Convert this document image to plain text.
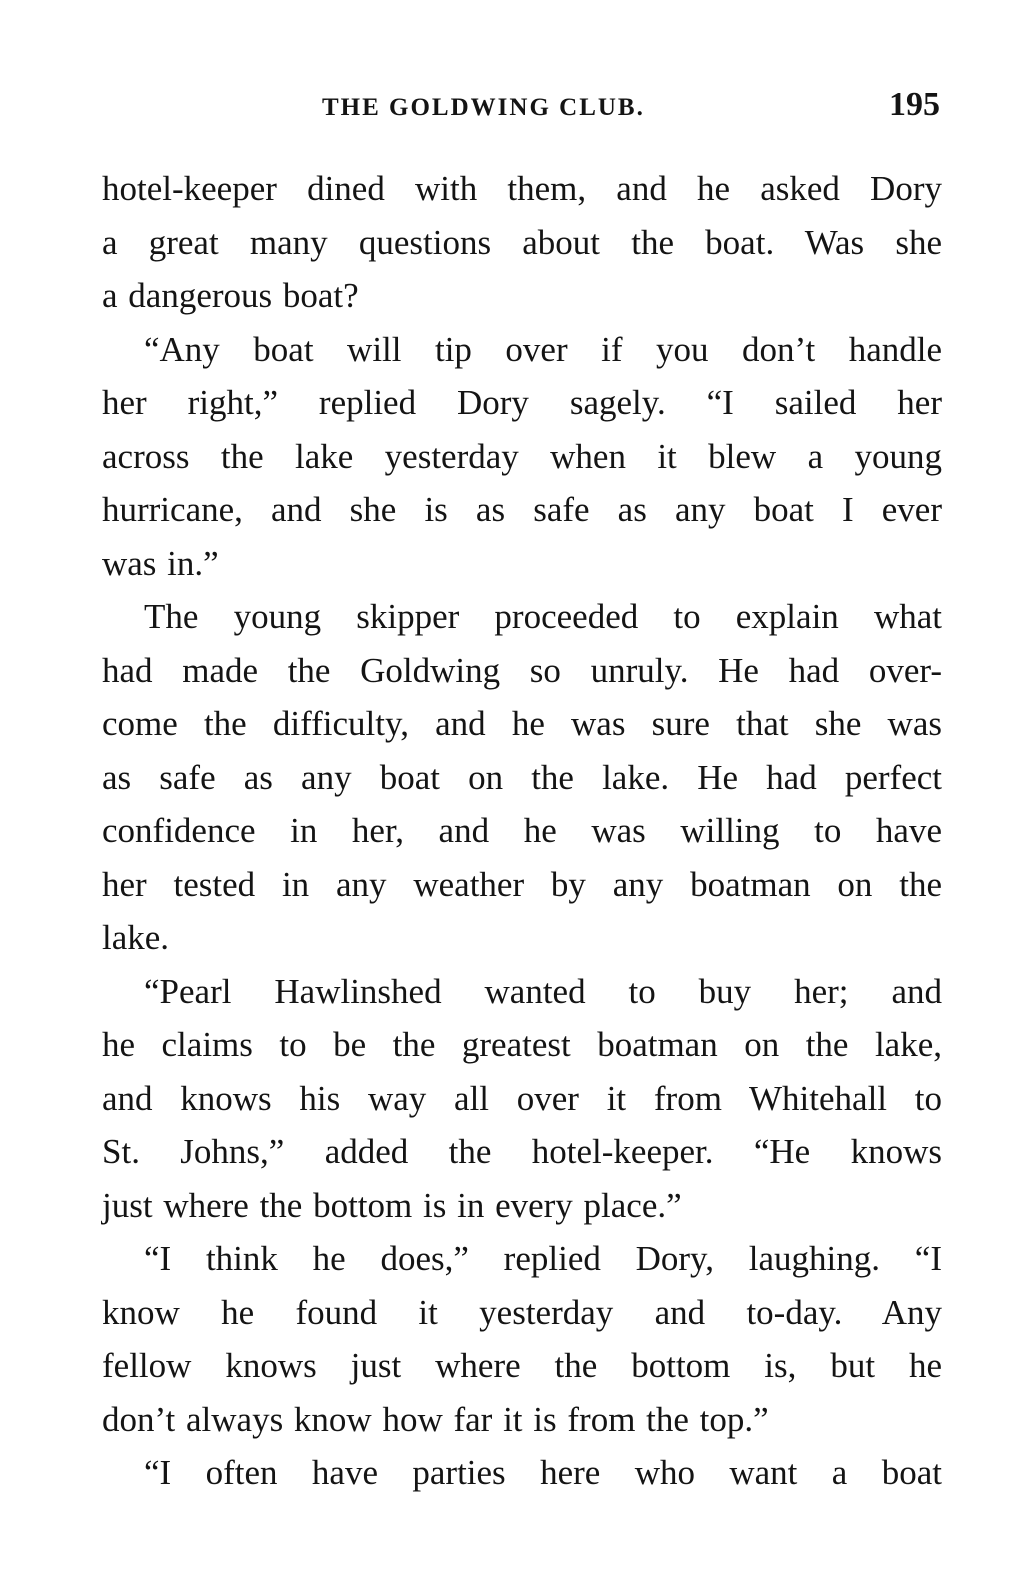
THE GOLDWING CLUB.	195
hotel-keeper dined with them, and he asked Dory
a great many questions about the boat. Was she
a dangerous boat?
“Any boat will tip over if you don’t handle
her right,” replied Dory sagely. “I sailed her
across the lake yesterday when it blew a young
hurricane, and she is as safe as any boat I ever
was in.”
The young skipper proceeded to explain what
had made the Goldwing so unruly. He had over-
come the difficulty, and he was sure that she was
as safe as any boat on the lake. He had perfect
confidence in her, and he was willing to have
her tested in any weather by any boatman on the
lake.
“Pearl Hawlinshed wanted to buy her; and
he claims to be the greatest boatman on the lake,
and knows his way all over it from Whitehall to
St. Johns,” added the hotel-keeper. “He knows
just where the bottom is in every place.”
“I think he does,” replied Dory, laughing. “I
know he found it yesterday and to-day. Any
fellow knows just where the bottom is, but he
don’t always know how far it is from the top.”
“I often have parties here who want a boat
